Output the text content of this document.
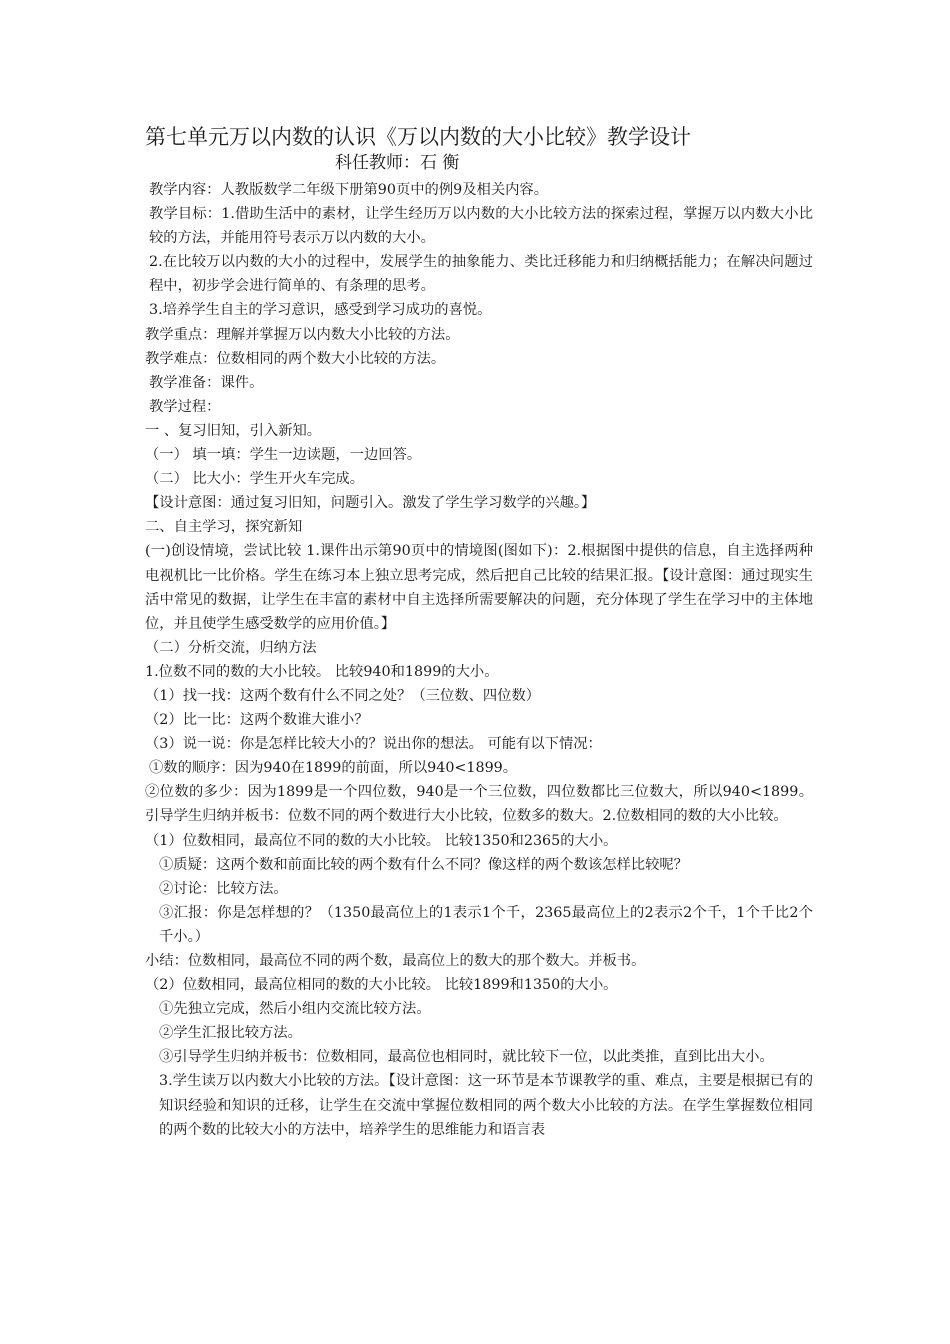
第七单元万以内数的认识《万以内数的大小比较》教学设计

科任教师：石 衡

教学内容：人教版数学二年级下册第90页中的例9及相关内容。

教学目标：1.借助生活中的素材，让学生经历万以内数的大小比较方法的探索过程，掌握万以内数大小比较的方法，并能用符号表示万以内数的大小。

2.在比较万以内数的大小的过程中，发展学生的抽象能力、类比迁移能力和归纳概括能力；在解决问题过程中，初步学会进行简单的、有条理的思考。

3.培养学生自主的学习意识，感受到学习成功的喜悦。

教学重点：理解并掌握万以内数大小比较的方法。

教学难点：位数相同的两个数大小比较的方法。

教学准备：课件。

教学过程：

一 、复习旧知，引入新知。

（一） 填一填：学生一边读题，一边回答。

（二） 比大小：学生开火车完成。

【设计意图：通过复习旧知，问题引入。激发了学生学习数学的兴趣。】

二、自主学习，探究新知

(一)创设情境，尝试比较 1.课件出示第90页中的情境图(图如下)：2.根据图中提供的信息，自主选择两种电视机比一比价格。学生在练习本上独立思考完成，然后把自己比较的结果汇报。【设计意图：通过现实生活中常见的数据，让学生在丰富的素材中自主选择所需要解决的问题，充分体现了学生在学习中的主体地位，并且使学生感受数学的应用价值。】

（二）分析交流，归纳方法

1.位数不同的数的大小比较。 比较940和1899的大小。

（1）找一找：这两个数有什么不同之处？（三位数、四位数）

（2）比一比：这两个数谁大谁小？

（3）说一说：你是怎样比较大小的？说出你的想法。 可能有以下情况：

①数的顺序：因为940在1899的前面，所以940<1899。

②位数的多少：因为1899是一个四位数，940是一个三位数，四位数都比三位数大，所以940<1899。引导学生归纳并板书：位数不同的两个数进行大小比较，位数多的数大。2.位数相同的数的大小比较。

（1）位数相同，最高位不同的数的大小比较。 比较1350和2365的大小。

①质疑：这两个数和前面比较的两个数有什么不同？像这样的两个数该怎样比较呢？

②讨论：比较方法。

③汇报：你是怎样想的？（1350最高位上的1表示1个千，2365最高位上的2表示2个千，1个千比2个千小。）

小结：位数相同，最高位不同的两个数，最高位上的数大的那个数大。并板书。

（2）位数相同，最高位相同的数的大小比较。 比较1899和1350的大小。

①先独立完成，然后小组内交流比较方法。

②学生汇报比较方法。

③引导学生归纳并板书：位数相同，最高位也相同时，就比较下一位，以此类推，直到比出大小。

3.学生读万以内数大小比较的方法。【设计意图：这一环节是本节课教学的重、难点，主要是根据已有的知识经验和知识的迁移，让学生在交流中掌握位数相同的两个数大小比较的方法。在学生掌握数位相同的两个数的比较大小的方法中，培养学生的思维能力和语言表
